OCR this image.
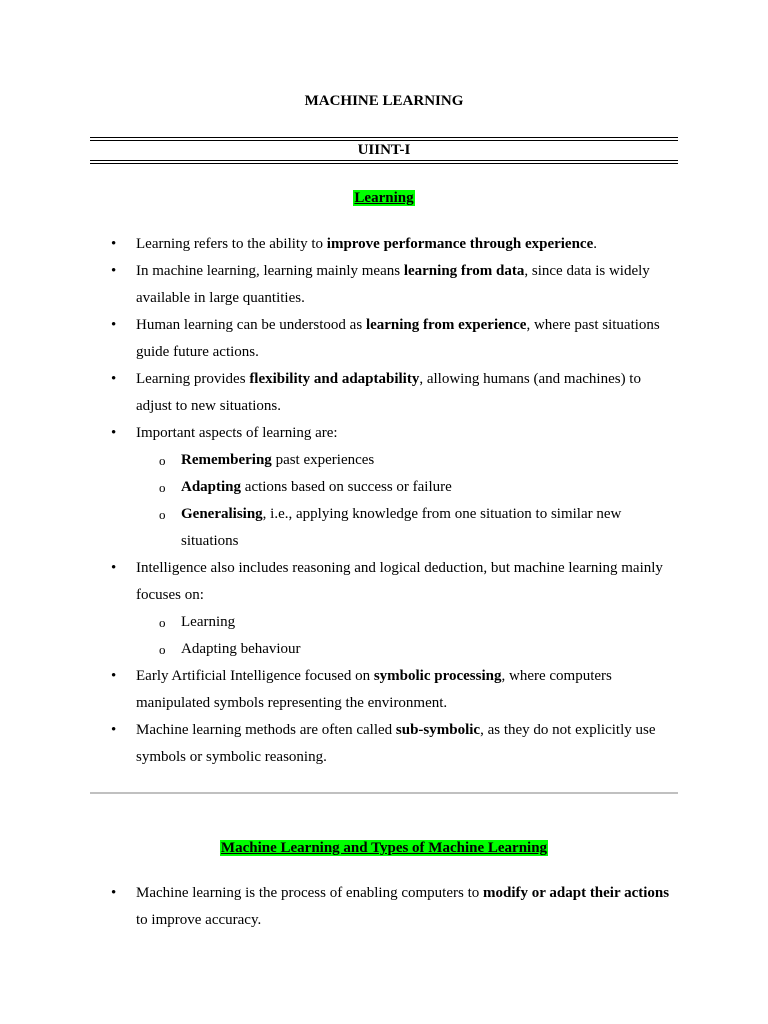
MACHINE LEARNING
UIINT-I
Learning
• Learning refers to the ability to improve performance through experience.
• In machine learning, learning mainly means learning from data, since data is widely available in large quantities.
• Human learning can be understood as learning from experience, where past situations guide future actions.
• Learning provides flexibility and adaptability, allowing humans (and machines) to adjust to new situations.
• Important aspects of learning are:
o Remembering past experiences
o Adapting actions based on success or failure
o Generalising, i.e., applying knowledge from one situation to similar new situations
• Intelligence also includes reasoning and logical deduction, but machine learning mainly focuses on:
o Learning
o Adapting behaviour
• Early Artificial Intelligence focused on symbolic processing, where computers manipulated symbols representing the environment.
• Machine learning methods are often called sub-symbolic, as they do not explicitly use symbols or symbolic reasoning.
Machine Learning and Types of Machine Learning
• Machine learning is the process of enabling computers to modify or adapt their actions to improve accuracy.
